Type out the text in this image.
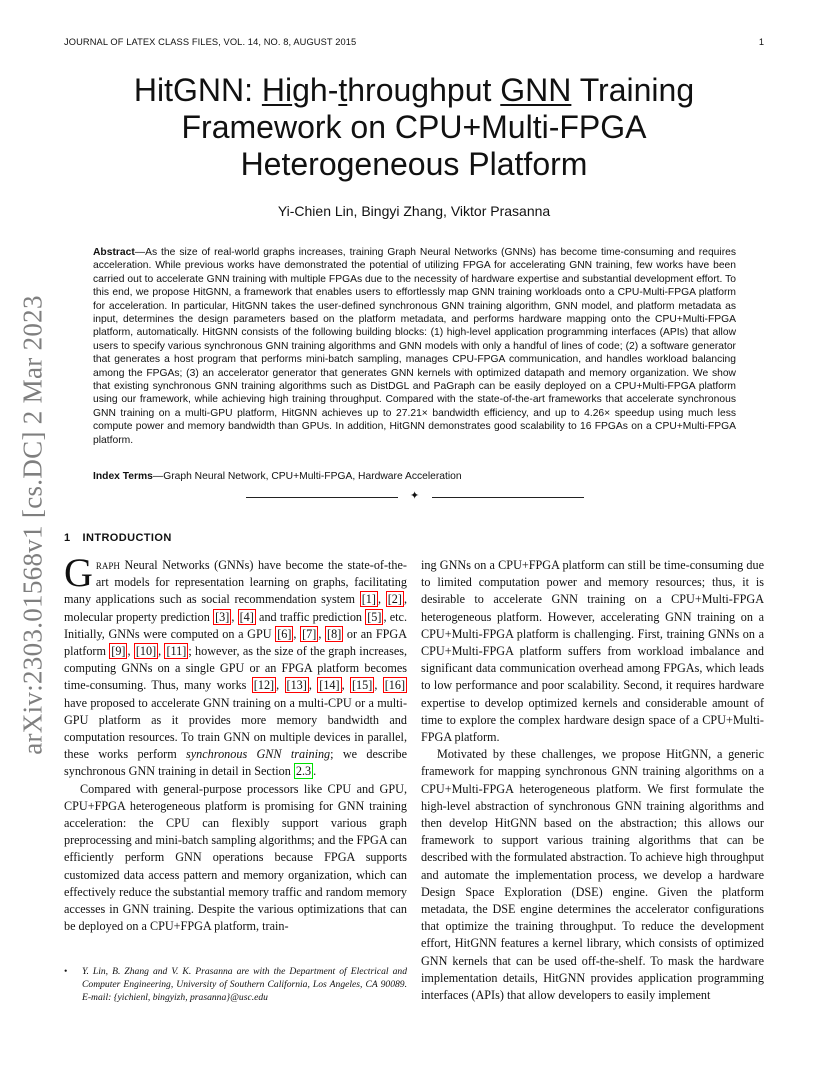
JOURNAL OF LATEX CLASS FILES, VOL. 14, NO. 8, AUGUST 2015	1
arXiv:2303.01568v1 [cs.DC] 2 Mar 2023
HitGNN: High-throughput GNN Training
Framework on CPU+Multi-FPGA
Heterogeneous Platform
Yi-Chien Lin, Bingyi Zhang, Viktor Prasanna
Abstract—As the size of real-world graphs increases, training Graph Neural Networks (GNNs) has become time-consuming and requires acceleration. While previous works have demonstrated the potential of utilizing FPGA for accelerating GNN training, few works have been carried out to accelerate GNN training with multiple FPGAs due to the necessity of hardware expertise and substantial development effort. To this end, we propose HitGNN, a framework that enables users to effortlessly map GNN training workloads onto a CPU-Multi-FPGA platform for acceleration. In particular, HitGNN takes the user-defined synchronous GNN training algorithm, GNN model, and platform metadata as input, determines the design parameters based on the platform metadata, and performs hardware mapping onto the CPU+Multi-FPGA platform, automatically. HitGNN consists of the following building blocks: (1) high-level application programming interfaces (APIs) that allow users to specify various synchronous GNN training algorithms and GNN models with only a handful of lines of code; (2) a software generator that generates a host program that performs mini-batch sampling, manages CPU-FPGA communication, and handles workload balancing among the FPGAs; (3) an accelerator generator that generates GNN kernels with optimized datapath and memory organization. We show that existing synchronous GNN training algorithms such as DistDGL and PaGraph can be easily deployed on a CPU+Multi-FPGA platform using our framework, while achieving high training throughput. Compared with the state-of-the-art frameworks that accelerate synchronous GNN training on a multi-GPU platform, HitGNN achieves up to 27.21× bandwidth efficiency, and up to 4.26× speedup using much less compute power and memory bandwidth than GPUs. In addition, HitGNN demonstrates good scalability to 16 FPGAs on a CPU+Multi-FPGA platform.
Index Terms—Graph Neural Network, CPU+Multi-FPGA, Hardware Acceleration
✦
1 INTRODUCTION

Graph Neural Networks (GNNs) have become the state-of-the-art models for representation learning on graphs, facilitating many applications such as social recommendation system [1] , [2] , molecular property prediction [3] , [4] and traffic prediction [5] , etc. Initially, GNNs were computed on a GPU [6] , [7] , [8] or an FPGA platform [9] , [10] , [11] ; however, as the size of the graph increases, computing GNNs on a single GPU or an FPGA platform becomes time-consuming. Thus, many works [12] , [13] , [14] , [15] , [16] have proposed to accelerate GNN training on a multi-CPU or a multi-GPU platform as it provides more memory bandwidth and computation resources. To train GNN on multiple devices in parallel, these works perform synchronous GNN training; we describe synchronous GNN training in detail in Section 2.3 .

Compared with general-purpose processors like CPU and GPU, CPU+FPGA heterogeneous platform is promising for GNN training acceleration: the CPU can flexibly support various graph preprocessing and mini-batch sampling algorithms; and the FPGA can efficiently perform GNN operations because FPGA supports customized data access pattern and memory organization, which can effectively reduce the substantial memory traffic and random memory accesses in GNN training. Despite the various optimizations that can be deployed on a CPU+FPGA platform, train-

• Y. Lin, B. Zhang and V. K. Prasanna are with the Department of Electrical and Computer Engineering, University of Southern California, Los Angeles, CA 90089. E-mail: {yichienl, bingyizh, prasanna}@usc.edu

ing GNNs on a CPU+FPGA platform can still be time-consuming due to limited computation power and memory resources; thus, it is desirable to accelerate GNN training on a CPU+Multi-FPGA heterogeneous platform. However, accelerating GNN training on a CPU+Multi-FPGA platform is challenging. First, training GNNs on a CPU+Multi-FPGA platform suffers from workload imbalance and significant data communication overhead among FPGAs, which leads to low performance and poor scalability. Second, it requires hardware expertise to develop optimized kernels and considerable amount of time to explore the complex hardware design space of a CPU+Multi-FPGA platform.

Motivated by these challenges, we propose HitGNN, a generic framework for mapping synchronous GNN training algorithms on a CPU+Multi-FPGA heterogeneous platform. We first formulate the high-level abstraction of synchronous GNN training algorithms and then develop HitGNN based on the abstraction; this allows our framework to support various training algorithms that can be described with the formulated abstraction. To achieve high throughput and automate the implementation process, we develop a hardware Design Space Exploration (DSE) engine. Given the platform metadata, the DSE engine determines the accelerator configurations that optimize the training throughput. To reduce the development effort, HitGNN features a kernel library, which consists of optimized GNN kernels that can be used off-the-shelf. To mask the hardware implementation details, HitGNN provides application programming interfaces (APIs) that allow developers to easily implement
